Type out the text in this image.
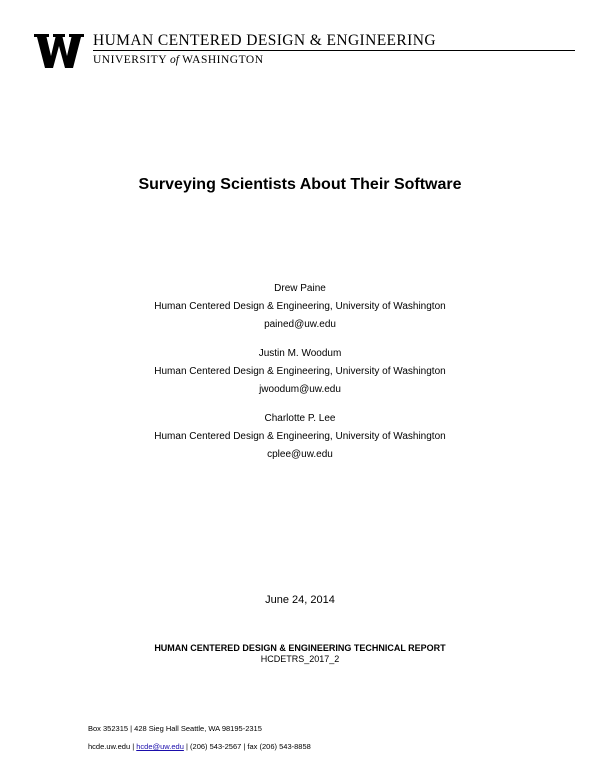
HUMAN CENTERED DESIGN & ENGINEERING
UNIVERSITY of WASHINGTON
Surveying Scientists About Their Software
Drew Paine
Human Centered Design & Engineering, University of Washington
pained@uw.edu
Justin M. Woodum
Human Centered Design & Engineering, University of Washington
jwoodum@uw.edu
Charlotte P. Lee
Human Centered Design & Engineering, University of Washington
cplee@uw.edu
June 24, 2014
HUMAN CENTERED DESIGN & ENGINEERING TECHNICAL REPORT
HCDETRS_2017_2
Box 352315 | 428 Sieg Hall Seattle, WA 98195-2315
hcde.uw.edu | hcde@uw.edu | (206) 543-2567 | fax (206) 543-8858
